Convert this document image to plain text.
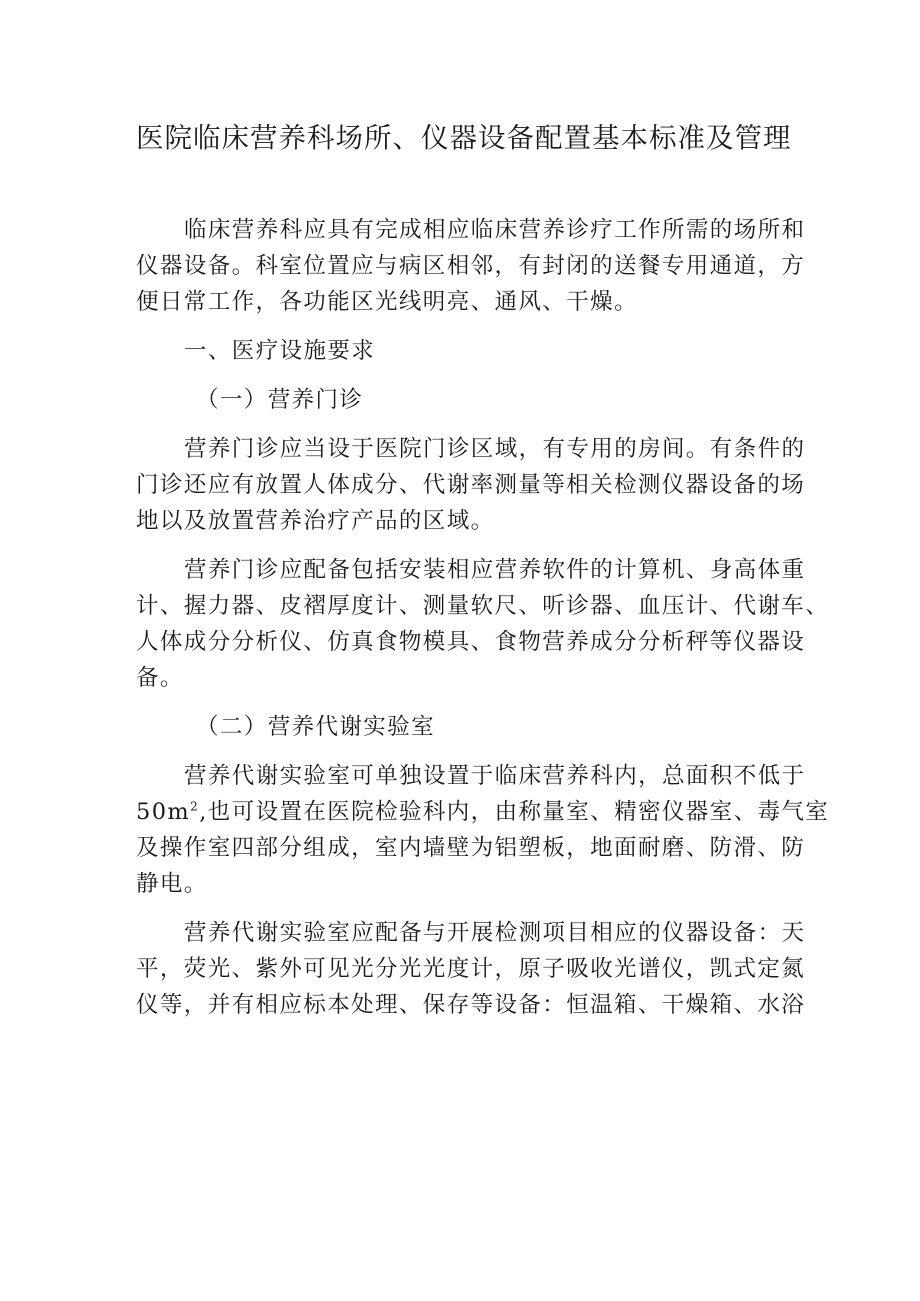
医院临床营养科场所、仪器设备配置基本标准及管理

临床营养科应具有完成相应临床营养诊疗工作所需的场所和
仪器设备。科室位置应与病区相邻，有封闭的送餐专用通道，方
便日常工作，各功能区光线明亮、通风、干燥。

一、医疗设施要求

（一）营养门诊

营养门诊应当设于医院门诊区域，有专用的房间。有条件的
门诊还应有放置人体成分、代谢率测量等相关检测仪器设备的场
地以及放置营养治疗产品的区域。

营养门诊应配备包括安装相应营养软件的计算机、身高体重
计、握力器、皮褶厚度计、测量软尺、听诊器、血压计、代谢车、
人体成分分析仪、仿真食物模具、食物营养成分分析秤等仪器设
备。

（二）营养代谢实验室

营养代谢实验室可单独设置于临床营养科内，总面积不低于
$50m^2$,也可设置在医院检验科内，由称量室、精密仪器室、毒气室
及操作室四部分组成，室内墙壁为铝塑板，地面耐磨、防滑、防
静电。

营养代谢实验室应配备与开展检测项目相应的仪器设备：天
平，荧光、紫外可见光分光光度计，原子吸收光谱仪，凯式定氮
仪等，并有相应标本处理、保存等设备：恒温箱、干燥箱、水浴
